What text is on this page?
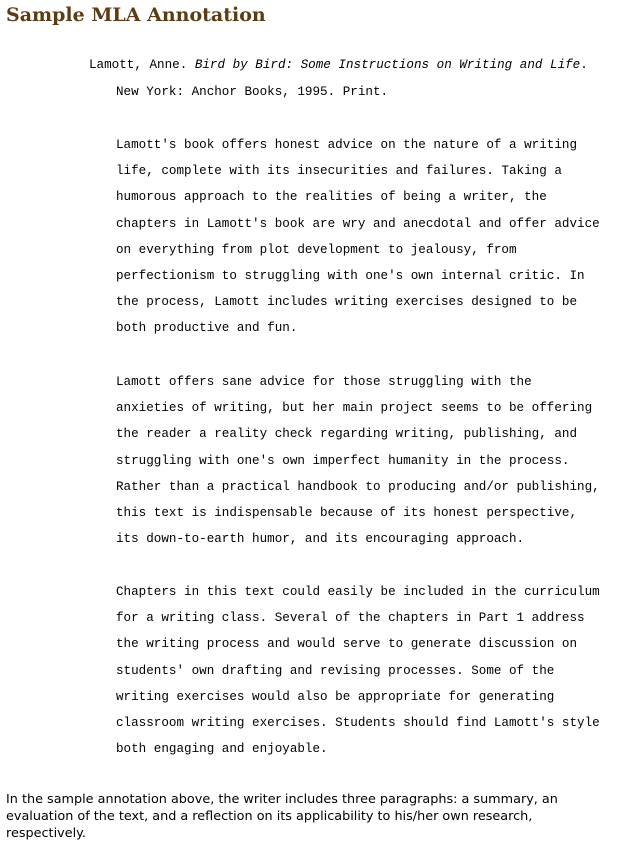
Sample MLA Annotation
Lamott, Anne. Bird by Bird: Some Instructions on Writing and Life.
New York: Anchor Books, 1995. Print.
Lamott's book offers honest advice on the nature of a writing
life, complete with its insecurities and failures. Taking a
humorous approach to the realities of being a writer, the
chapters in Lamott's book are wry and anecdotal and offer advice
on everything from plot development to jealousy, from
perfectionism to struggling with one's own internal critic. In
the process, Lamott includes writing exercises designed to be
both productive and fun.
Lamott offers sane advice for those struggling with the
anxieties of writing, but her main project seems to be offering
the reader a reality check regarding writing, publishing, and
struggling with one's own imperfect humanity in the process.
Rather than a practical handbook to producing and/or publishing,
this text is indispensable because of its honest perspective,
its down-to-earth humor, and its encouraging approach.
Chapters in this text could easily be included in the curriculum
for a writing class. Several of the chapters in Part 1 address
the writing process and would serve to generate discussion on
students' own drafting and revising processes. Some of the
writing exercises would also be appropriate for generating
classroom writing exercises. Students should find Lamott's style
both engaging and enjoyable.

In the sample annotation above, the writer includes three paragraphs: a summary, an evaluation of the text, and a reflection on its applicability to his/her own research, respectively.
